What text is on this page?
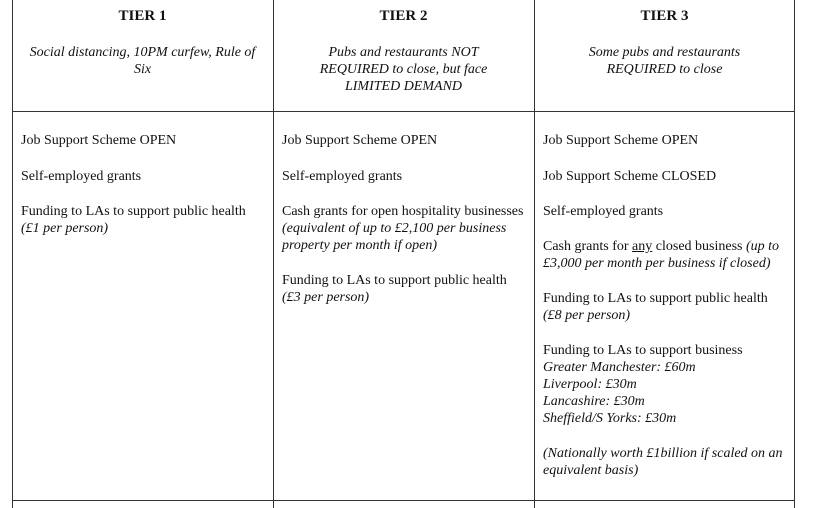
TIER 1
Social distancing, 10PM curfew, Rule of Six

Job Support Scheme OPEN

Self-employed grants

Funding to LAs to support public health
(£1 per person)

TIER 2
Pubs and restaurants NOT REQUIRED to close, but face LIMITED DEMAND

Job Support Scheme OPEN

Self-employed grants

Cash grants for open hospitality businesses (equivalent of up to £2,100 per business property per month if open)

Funding to LAs to support public health (£3 per person)

TIER 3
Some pubs and restaurants REQUIRED to close

Job Support Scheme OPEN

Job Support Scheme CLOSED

Self-employed grants

Cash grants for any closed business (up to £3,000 per month per business if closed)

Funding to LAs to support public health (£8 per person)

Funding to LAs to support business
Greater Manchester: £60m
Liverpool: £30m
Lancashire: £30m
Sheffield/S Yorks: £30m

(Nationally worth £1billion if scaled on an equivalent basis)
